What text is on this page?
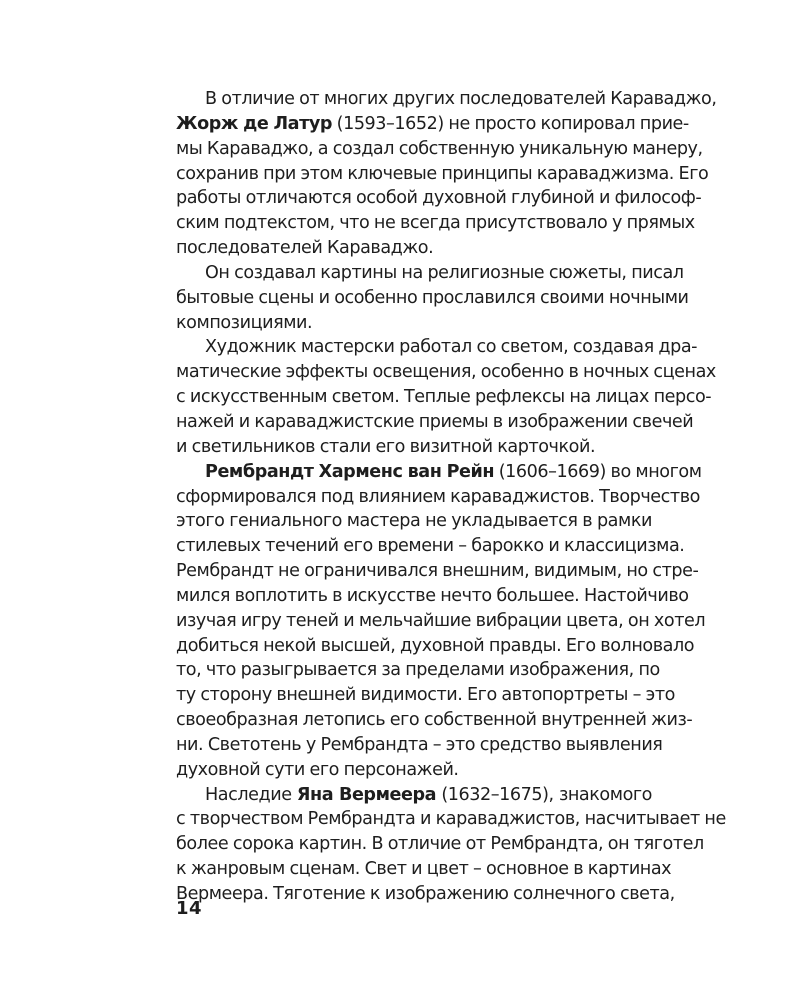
В отличие от многих других последователей Караваджо,
Жорж де Латур (1593–1652) не просто копировал прие-
мы Караваджо, а создал собственную уникальную манеру,
сохранив при этом ключевые принципы караваджизма. Его
работы отличаются особой духовной глубиной и философ-
ским подтекстом, что не всегда присутствовало у прямых
последователей Караваджо.
Он создавал картины на религиозные сюжеты, писал
бытовые сцены и особенно прославился своими ночными
композициями.
Художник мастерски работал со светом, создавая дра-
матические эффекты освещения, особенно в ночных сценах
с искусственным светом. Теплые рефлексы на лицах персо-
нажей и караваджистские приемы в изображении свечей
и светильников стали его визитной карточкой.
Рембрандт Харменс ван Рейн (1606–1669) во многом
сформировался под влиянием караваджистов. Творчество
этого гениального мастера не укладывается в рамки
стилевых течений его времени – барокко и классицизма.
Рембрандт не ограничивался внешним, видимым, но стре-
мился воплотить в искусстве нечто большее. Настойчиво
изучая игру теней и мельчайшие вибрации цвета, он хотел
добиться некой высшей, духовной правды. Его волновало
то, что разыгрывается за пределами изображения, по
ту сторону внешней видимости. Его автопортреты – это
своеобразная летопись его собственной внутренней жиз-
ни. Светотень у Рембрандта – это средство выявления
духовной сути его персонажей.
Наследие Яна Вермеера (1632–1675), знакомого
с творчеством Рембрандта и караваджистов, насчитывает не
более сорока картин. В отличие от Рембрандта, он тяготел
к жанровым сценам. Свет и цвет – основное в картинах
Вермеера. Тяготение к изображению солнечного света,
14
